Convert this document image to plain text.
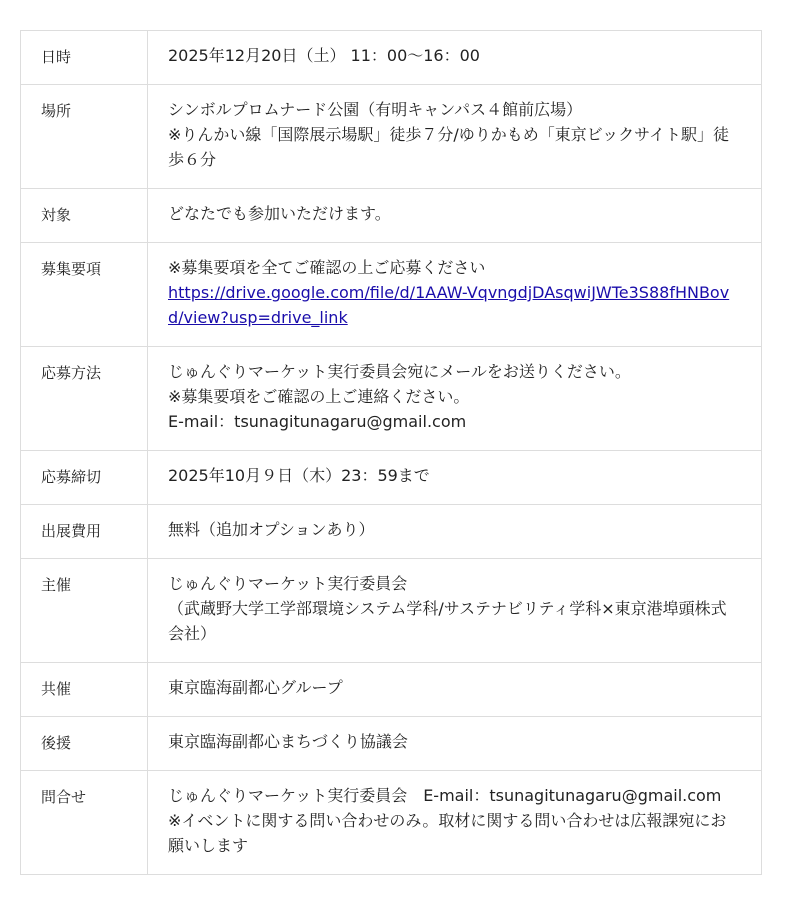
日時	2025年12月20日（土） 11：00～16：00

場所	シンボルプロムナード公園（有明キャンパス４館前広場）
※りんかい線「国際展示場駅」徒歩７分/ゆりかもめ「東京ビックサイト駅」徒歩６分

対象	どなたでも参加いただけます。

募集要項	※募集要項を全てご確認の上ご応募ください
https://drive.google.com/file/d/1AAW-VqvngdjDAsqwiJWTe3S88fHNBovd/view?usp=drive_link

応募方法	じゅんぐりマーケット実行委員会宛にメールをお送りください。
※募集要項をご確認の上ご連絡ください。
E-mail：tsunagitunagaru@gmail.com

応募締切	2025年10月９日（木）23：59まで

出展費用	無料（追加オプションあり）

主催	じゅんぐりマーケット実行委員会
（武蔵野大学工学部環境システム学科/サステナビリティ学科×東京港埠頭株式会社）

共催	東京臨海副都心グループ

後援	東京臨海副都心まちづくり協議会

問合せ	じゅんぐりマーケット実行委員会　E-mail：tsunagitunagaru@gmail.com
※イベントに関する問い合わせのみ。取材に関する問い合わせは広報課宛にお願いします
